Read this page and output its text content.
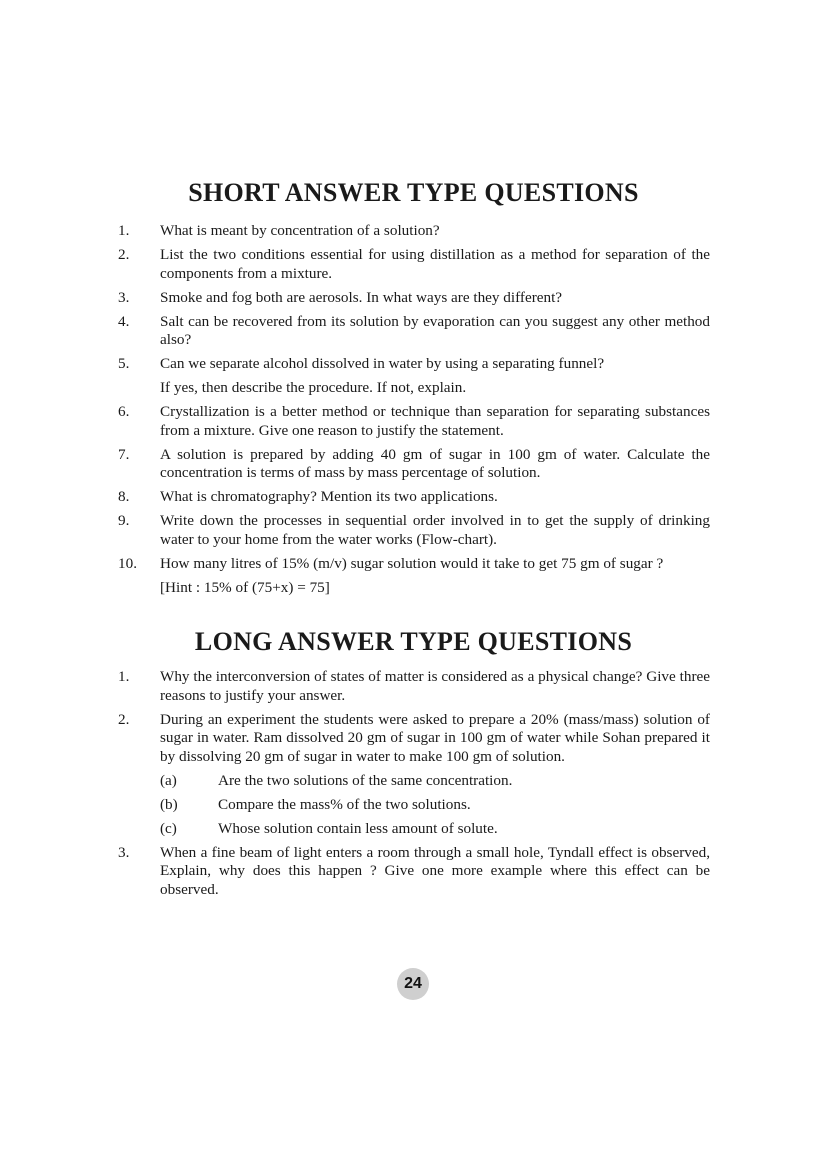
SHORT ANSWER TYPE QUESTIONS
1. What is meant by concentration of a solution?
2. List the two conditions essential for using distillation as a method for separation of the components from a mixture.
3. Smoke and fog both are aerosols. In what ways are they different?
4. Salt can be recovered from its solution by evaporation can you suggest any other method also?
5. Can we separate alcohol dissolved in water by using a separating funnel?
If yes, then describe the procedure. If not, explain.
6. Crystallization is a better method or technique than separation for separating substances from a mixture. Give one reason to justify the statement.
7. A solution is prepared by adding 40 gm of sugar in 100 gm of water. Calculate the concentration is terms of mass by mass percentage of solution.
8. What is chromatography? Mention its two applications.
9. Write down the processes in sequential order involved in to get the supply of drinking water to your home from the water works (Flow-chart).
10. How many litres of 15% (m/v) sugar solution would it take to get 75 gm of sugar ?
[Hint : 15% of (75+x) = 75]
LONG ANSWER TYPE QUESTIONS
1. Why the interconversion of states of matter is considered as a physical change? Give three reasons to justify your answer.
2. During an experiment the students were asked to prepare a 20% (mass/mass) solution of sugar in water. Ram dissolved 20 gm of sugar in 100 gm of water while Sohan prepared it by dissolving 20 gm of sugar in water to make 100 gm of solution.
(a)	Are the two solutions of the same concentration.
(b)	Compare the mass% of the two solutions.
(c)	Whose solution contain less amount of solute.
3. When a fine beam of light enters a room through a small hole, Tyndall effect is observed, Explain, why does this happen ? Give one more example where this effect can be observed.
24
